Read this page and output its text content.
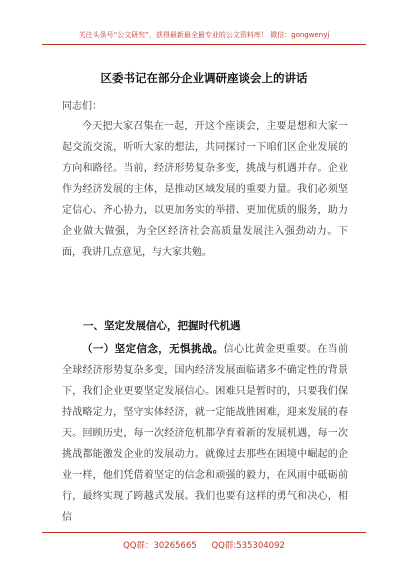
关注头条号“公文研究”，获得最新最全最专业的公文资料库！ 微信：gongwenyj
区委书记在部分企业调研座谈会上的讲话

同志们：

今天把大家召集在一起，开这个座谈会，主要是想和大家一起交流交流，听听大家的想法，共同探讨一下咱们区企业发展的方向和路径。当前，经济形势复杂多变，挑战与机遇并存。企业作为经济发展的主体，是推动区域发展的重要力量。我们必须坚定信心、齐心协力，以更加务实的举措、更加优质的服务，助力企业做大做强，为全区经济社会高质量发展注入强劲动力。下面，我讲几点意见，与大家共勉。

一、坚定发展信心，把握时代机遇

（一）坚定信念，无惧挑战。信心比黄金更重要。在当前全球经济形势复杂多变，国内经济发展面临诸多不确定性的背景下，我们企业更要坚定发展信心。困难只是暂时的，只要我们保持战略定力，坚守实体经济，就一定能战胜困难，迎来发展的春天。回顾历史，每一次经济危机都孕育着新的发展机遇，每一次挑战都能激发企业的发展动力。就像过去那些在困境中崛起的企业一样，他们凭借着坚定的信念和顽强的毅力，在风雨中砥砺前行，最终实现了跨越式发展。我们也要有这样的勇气和决心，相信

QQ群：30265665 QQ群:535304092
